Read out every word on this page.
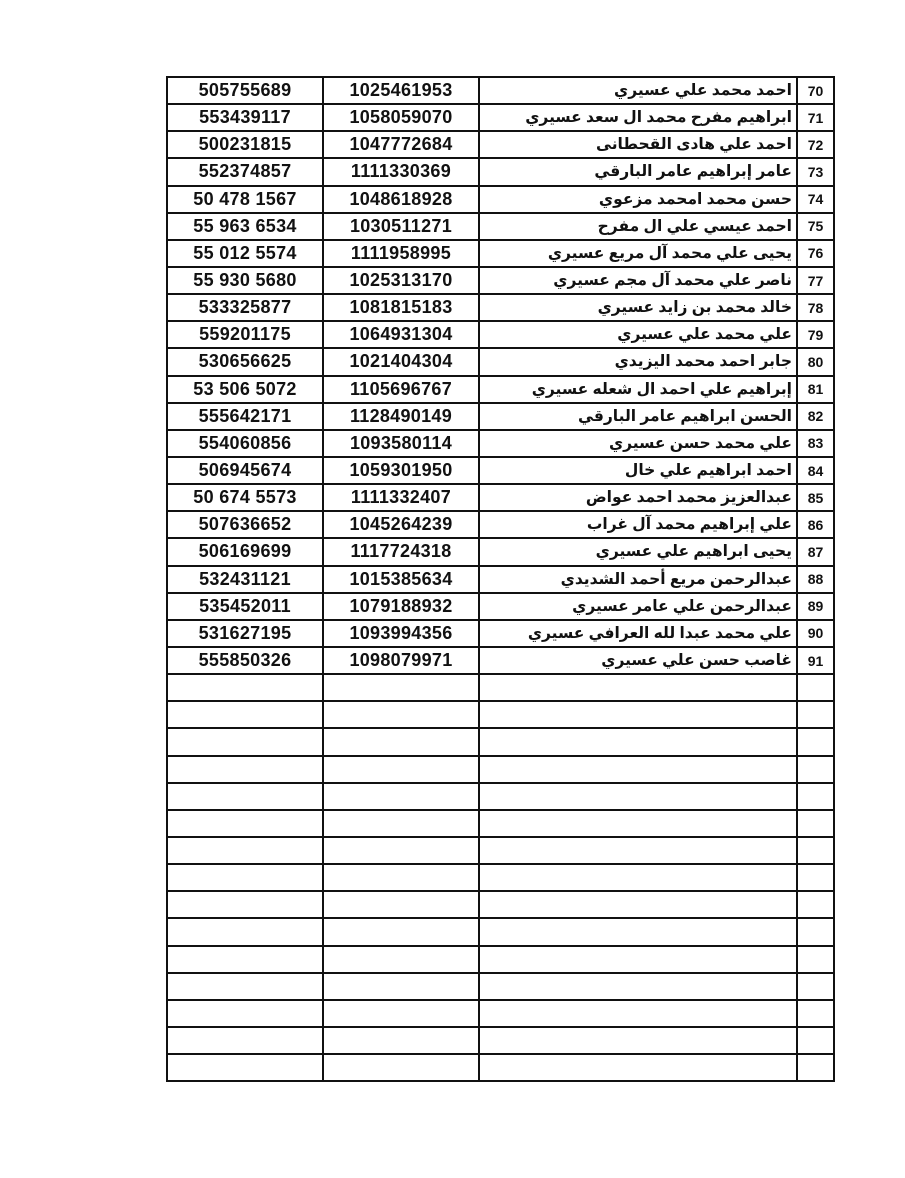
505755689	1025461953	احمد محمد علي عسيري	70
553439117	1058059070	ابراهيم مفرح محمد ال سعد عسيري	71
500231815	1047772684	احمد علي هادى القحطانى	72
552374857	1111330369	عامر إبراهيم عامر البارقي	73
50 478 1567	1048618928	حسن محمد امحمد مزعوي	74
55 963 6534	1030511271	احمد عيسي علي ال مفرح	75
55 012 5574	1111958995	يحيى علي محمد آل مريع عسيري	76
55 930 5680	1025313170	ناصر علي محمد آل مجم عسيري	77
533325877	1081815183	خالد محمد بن زايد عسيري	78
559201175	1064931304	علي محمد علي عسيري	79
530656625	1021404304	جابر احمد محمد اليزيدي	80
53 506 5072	1105696767	إبراهيم علي احمد ال شعله عسيري	81
555642171	1128490149	الحسن ابراهيم عامر البارقي	82
554060856	1093580114	علي محمد حسن عسيري	83
506945674	1059301950	احمد ابراهيم علي خال	84
50 674 5573	1111332407	عبدالعزيز محمد احمد عواض	85
507636652	1045264239	علي إبراهيم محمد آل غراب	86
506169699	1117724318	يحيى ابراهيم علي عسيري	87
532431121	1015385634	عبدالرحمن مريع أحمد الشديدي	88
535452011	1079188932	عبدالرحمن علي عامر عسيري	89
531627195	1093994356	علي محمد عبدا لله العرافي عسيري	90
555850326	1098079971	غاصب حسن علي عسيري	91
